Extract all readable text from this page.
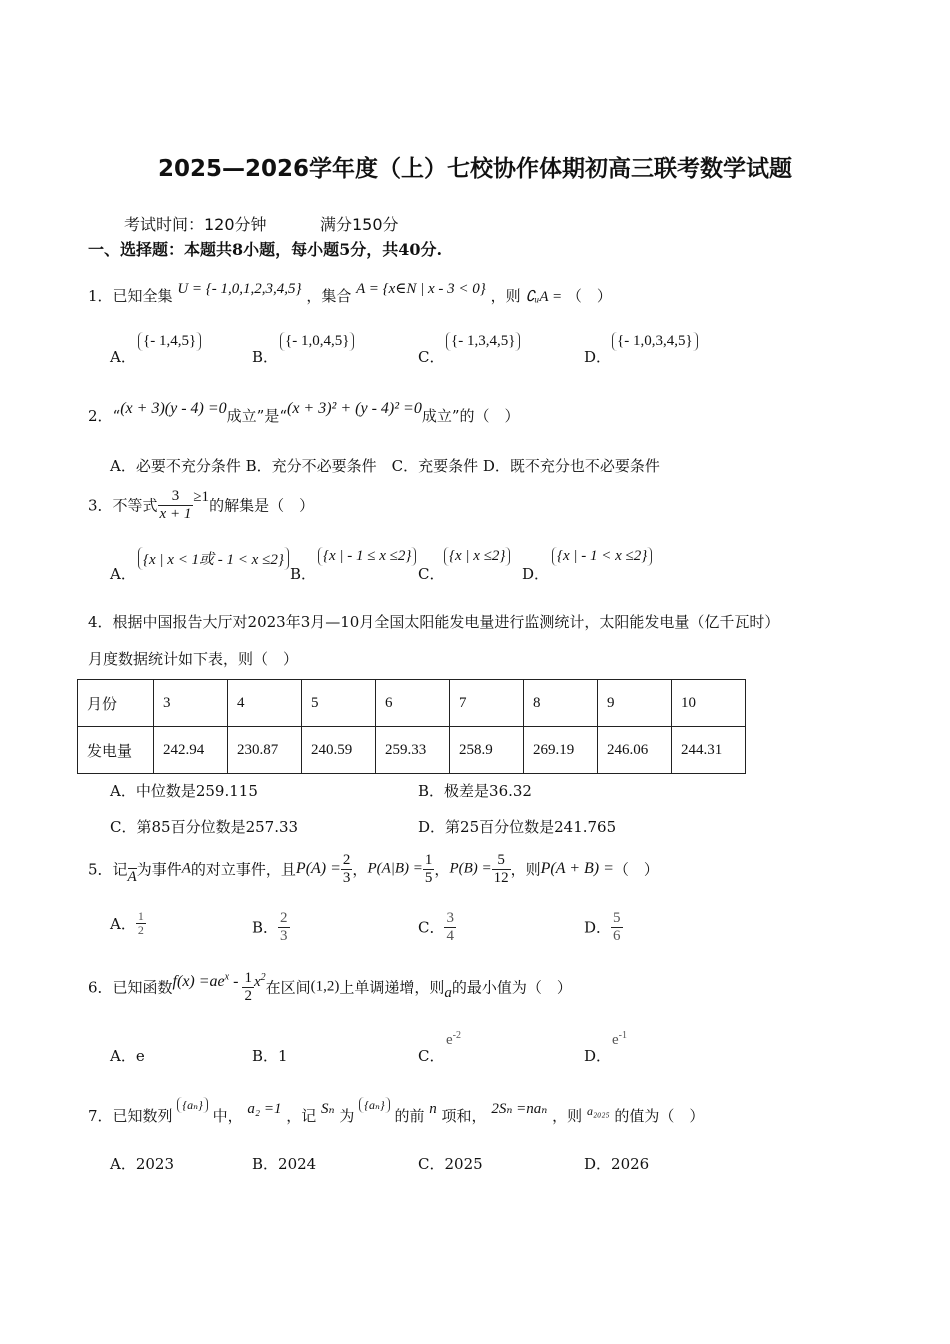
2025—2026学年度（上）七校协作体期初高三联考数学试题
考试时间：120分钟	满分150分
一、选择题：本题共8小题，每小题5分，共40分.
1．已知全集 U = {- 1,0,1,2,3,4,5} ，集合 A = {x∈N | x - 3 < 0} ，则 ∁ᵤA = （　）
A．
{- 1,4,5}
B．
{- 1,0,4,5}
C．
{- 1,3,4,5}
D．
{- 1,0,3,4,5}
2．“(x + 3)(y - 4) =0成立”是“(x + 3)² + (y - 4)² =0成立”的（　）
A．必要不充分条件 B．充分不必要条件　C．充要条件 D．既不充分也不必要条件
3．不等式 $\frac{3}{x + 1} \ge 1$的解集是（　）
A．
{x | x < 1或 - 1 < x ≤2}
B．
{x | - 1 ≤ x ≤2}
C．
{x | x ≤2}
D．
{x | - 1 < x ≤2}
4．根据中国报告大厅对2023年3月—10月全国太阳能发电量进行监测统计，太阳能发电量（亿千瓦时）
月度数据统计如下表，则（　）
月份	3	4	5	6	7	8	9	10
发电量	242.94	230.87	240.59	259.33	258.9	269.19	246.06	244.31
A．中位数是259.115	B．极差是36.32
C．第85百分位数是257.33	D．第25百分位数是241.765
5．记A为事件A的对立事件，且$P(A) = \frac{2}{3}$ ，$P(A|B) = \frac{1}{5}$ ，$P(B) = \frac{5}{12}$ ，则P(A + B) =（　）
A． $\frac{1}{2}$	B． $\frac{2}{3}$	C． $\frac{3}{4}$	D． $\frac{5}{6}$
6．已知函数$f(x) =ae^x - \frac{1}{2} x^2$在区间(1,2)上单调递增，则a的最小值为（　）
A．e	B．1	C．
$e^{-2}$
D．
$e^{-1}$
7．已知数列 $^{\{a_n\}}$ 中， a₂ =1 ，记 Sₙ 为 $^{\{a_n\}}$ 的前 n 项和， 2Sₙ =naₙ ，则 $^{a_{2025}}$ 的值为（　）
A．2023	B．2024	C．2025	D．2026
